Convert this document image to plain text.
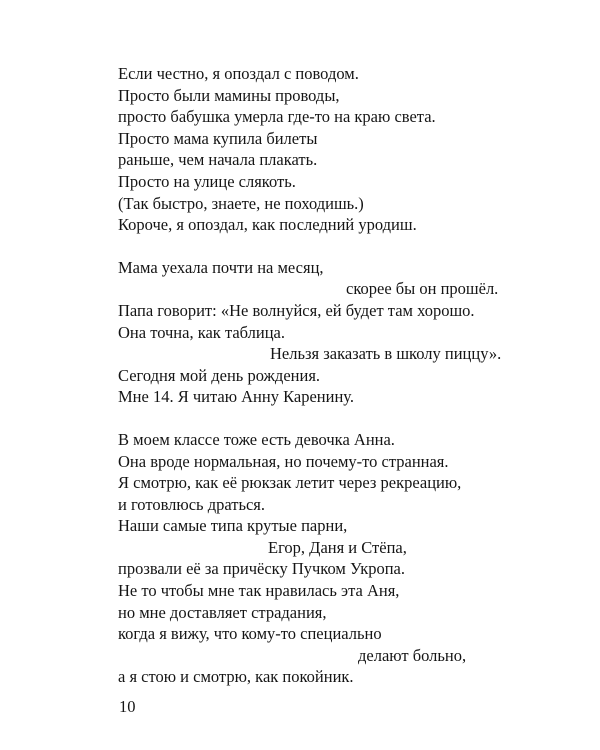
Если честно, я опоздал с поводом.
Просто были мамины проводы,
просто бабушка умерла где-то на краю света.
Просто мама купила билеты
раньше, чем начала плакать.
Просто на улице слякоть.
(Так быстро, знаете, не походишь.)
Короче, я опоздал, как последний уродиш.
Мама уехала почти на месяц,
скорее бы он прошёл.
Папа говорит: «Не волнуйся, ей будет там хорошо.
Она точна, как таблица.
Нельзя заказать в школу пиццу».
Сегодня мой день рождения.
Мне 14. Я читаю Анну Каренину.
В моем классе тоже есть девочка Анна.
Она вроде нормальная, но почему-то странная.
Я смотрю, как её рюкзак летит через рекреацию,
и готовлюсь драться.
Наши самые типа крутые парни,
Егор, Даня и Стёпа,
прозвали её за причёску Пучком Укропа.
Не то чтобы мне так нравилась эта Аня,
но мне доставляет страдания,
когда я вижу, что кому-то специально
делают больно,
а я стою и смотрю, как покойник.
10
